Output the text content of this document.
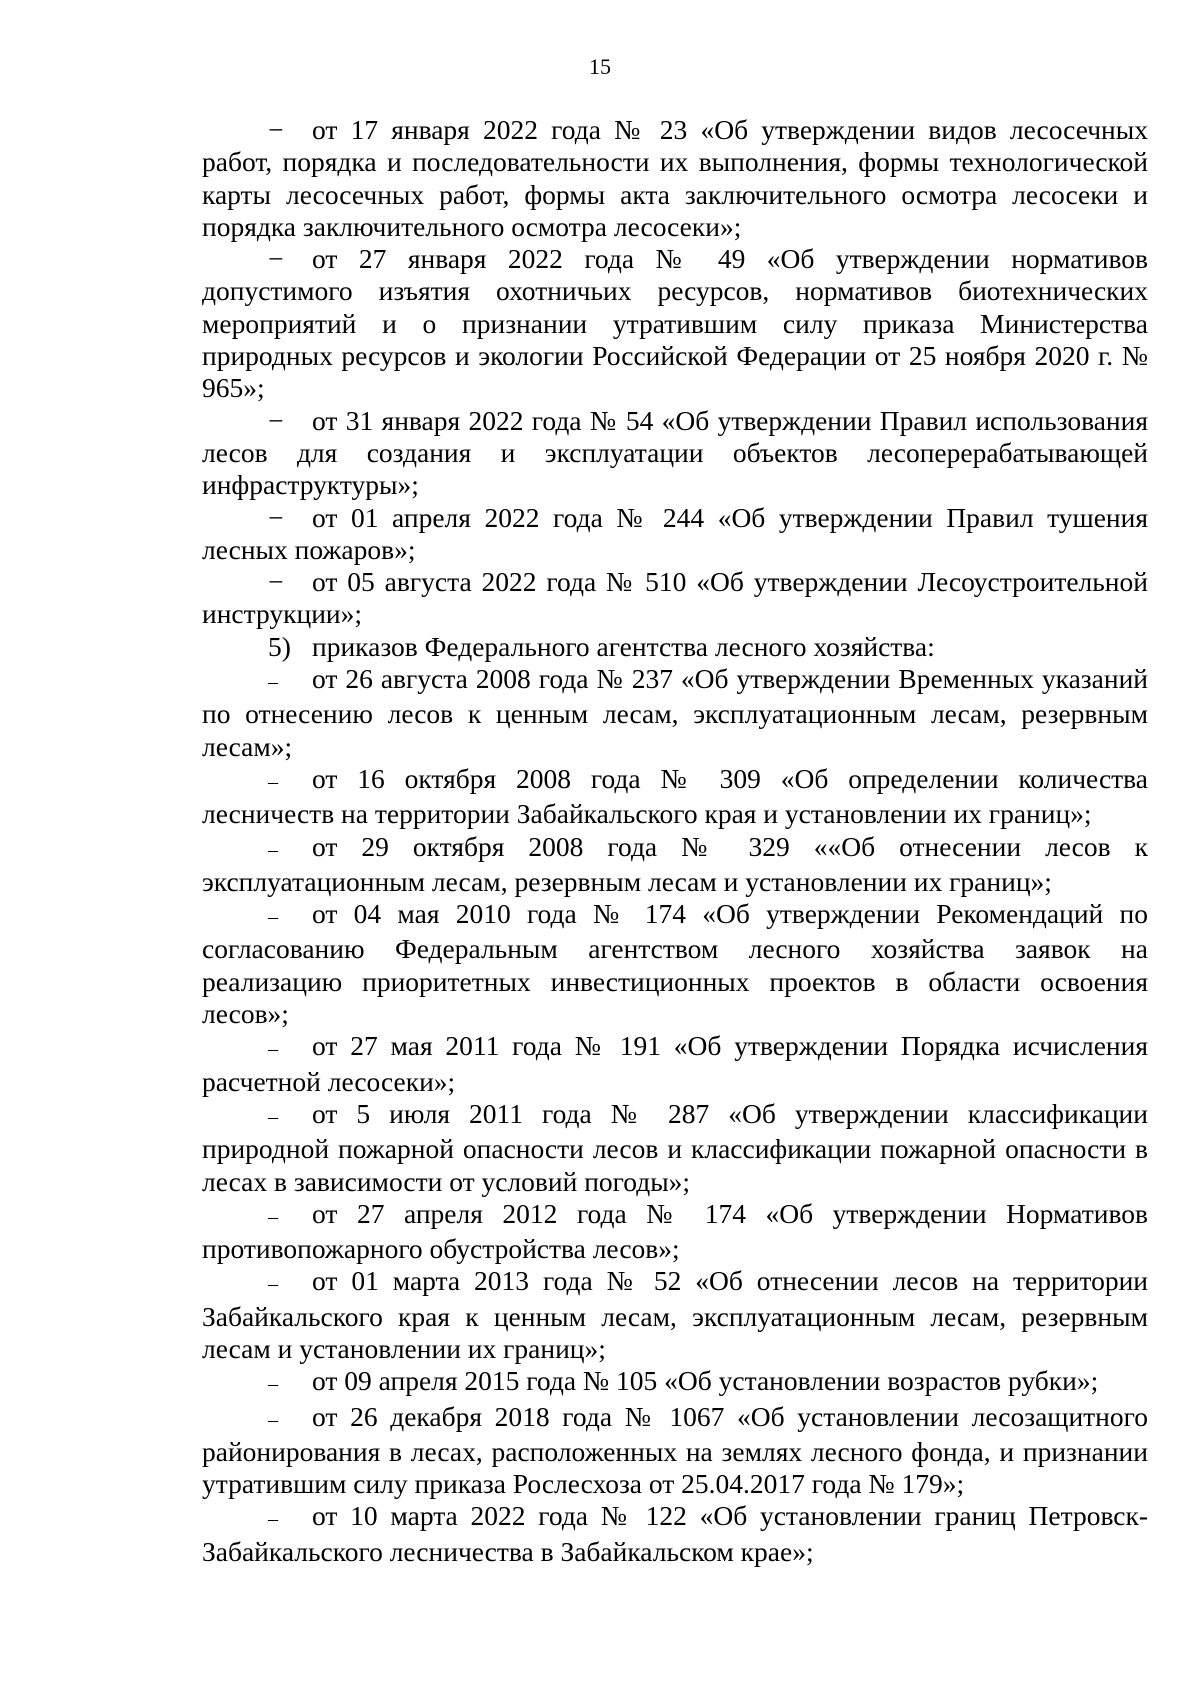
15

− от 17 января 2022 года № 23 «Об утверждении видов лесосечных работ, порядка и последовательности их выполнения, формы технологической карты лесосечных работ, формы акта заключительного осмотра лесосеки и порядка заключительного осмотра лесосеки»;

− от 27 января 2022 года № 49 «Об утверждении нормативов допустимого изъятия охотничьих ресурсов, нормативов биотехнических мероприятий и о признании утратившим силу приказа Министерства природных ресурсов и экологии Российской Федерации от 25 ноября 2020 г. № 965»;

− от 31 января 2022 года № 54 «Об утверждении Правил использования лесов для создания и эксплуатации объектов лесоперерабатывающей инфраструктуры»;

− от 01 апреля 2022 года № 244 «Об утверждении Правил тушения лесных пожаров»;

− от 05 августа 2022 года № 510 «Об утверждении Лесоустроительной инструкции»;

5) приказов Федерального агентства лесного хозяйства:

– от 26 августа 2008 года № 237 «Об утверждении Временных указаний по отнесению лесов к ценным лесам, эксплуатационным лесам, резервным лесам»;

– от 16 октября 2008 года № 309 «Об определении количества лесничеств на территории Забайкальского края и установлении их границ»;

– от 29 октября 2008 года № 329 ««Об отнесении лесов к эксплуатационным лесам, резервным лесам и установлении их границ»;

– от 04 мая 2010 года № 174 «Об утверждении Рекомендаций по согласованию Федеральным агентством лесного хозяйства заявок на реализацию приоритетных инвестиционных проектов в области освоения лесов»;

– от 27 мая 2011 года № 191 «Об утверждении Порядка исчисления расчетной лесосеки»;

– от 5 июля 2011 года № 287 «Об утверждении классификации природной пожарной опасности лесов и классификации пожарной опасности в лесах в зависимости от условий погоды»;

– от 27 апреля 2012 года № 174 «Об утверждении Нормативов противопожарного обустройства лесов»;

– от 01 марта 2013 года № 52 «Об отнесении лесов на территории Забайкальского края к ценным лесам, эксплуатационным лесам, резервным лесам и установлении их границ»;

– от 09 апреля 2015 года № 105 «Об установлении возрастов рубки»;

– от 26 декабря 2018 года № 1067 «Об установлении лесозащитного районирования в лесах, расположенных на землях лесного фонда, и признании утратившим силу приказа Рослесхоза от 25.04.2017 года № 179»;

– от 10 марта 2022 года № 122 «Об установлении границ Петровск-Забайкальского лесничества в Забайкальском крае»;
